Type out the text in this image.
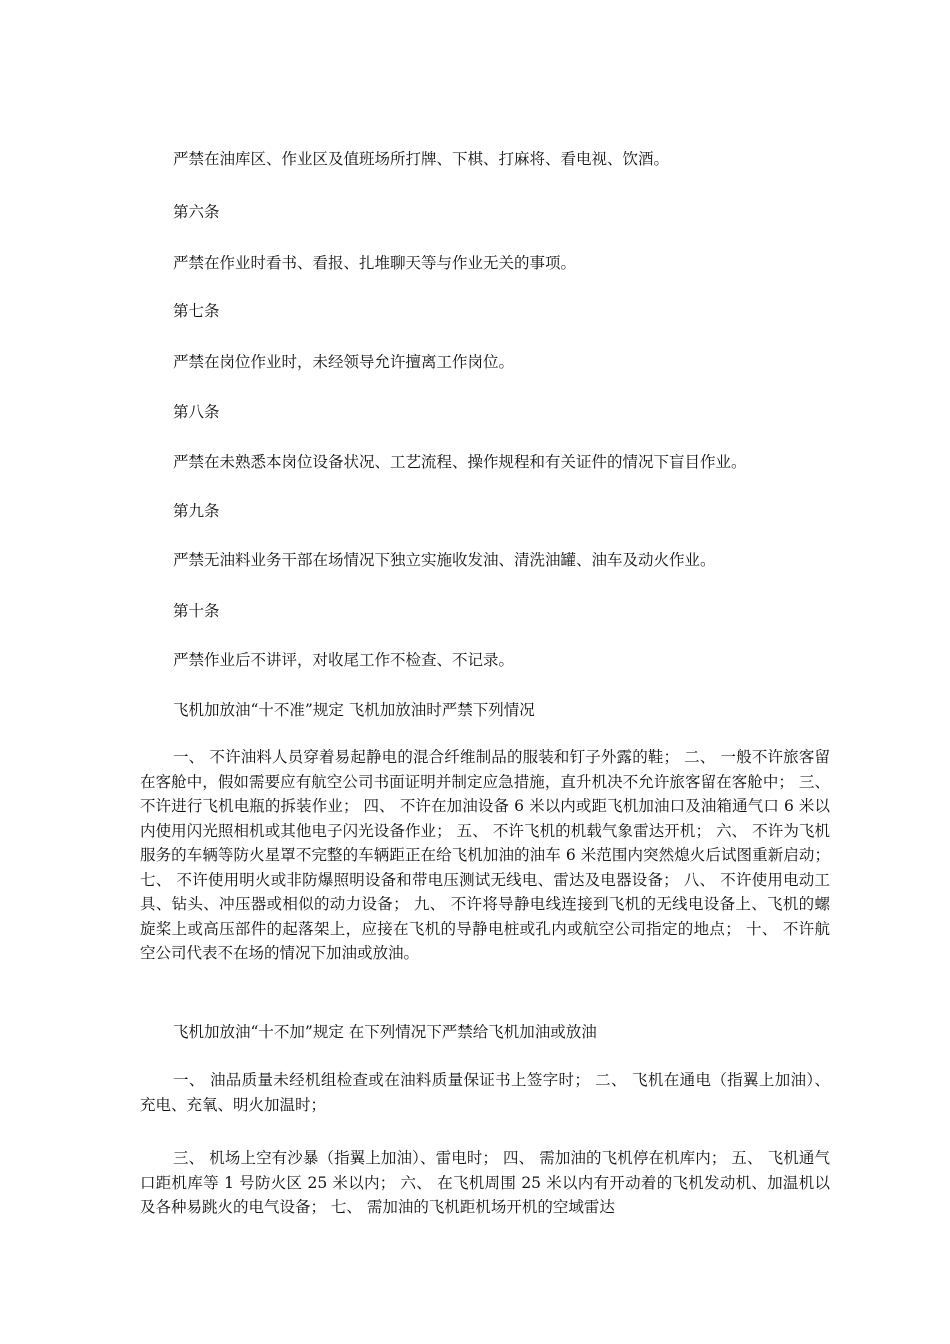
严禁在油库区、作业区及值班场所打牌、下棋、打麻将、看电视、饮酒。

第六条

严禁在作业时看书、看报、扎堆聊天等与作业无关的事项。

第七条

严禁在岗位作业时，未经领导允许擅离工作岗位。

第八条

严禁在未熟悉本岗位设备状况、工艺流程、操作规程和有关证件的情况下盲目作业。

第九条

严禁无油料业务干部在场情况下独立实施收发油、清洗油罐、油车及动火作业。

第十条

严禁作业后不讲评，对收尾工作不检查、不记录。

飞机加放油“十不准”规定 飞机加放油时严禁下列情况

一、 不许油料人员穿着易起静电的混合纤维制品的服装和钉子外露的鞋； 二、 一般不许旅客留在客舱中，假如需要应有航空公司书面证明并制定应急措施，直升机决不允许旅客留在客舱中； 三、 不许进行飞机电瓶的拆装作业； 四、 不许在加油设备 6 米以内或距飞机加油口及油箱通气口 6 米以内使用闪光照相机或其他电子闪光设备作业； 五、 不许飞机的机载气象雷达开机； 六、 不许为飞机服务的车辆等防火星罩不完整的车辆距正在给飞机加油的油车 6 米范围内突然熄火后试图重新启动； 七、 不许使用明火或非防爆照明设备和带电压测试无线电、雷达及电器设备； 八、 不许使用电动工具、钻头、冲压器或相似的动力设备； 九、 不许将导静电线连接到飞机的无线电设备上、飞机的螺旋桨上或高压部件的起落架上，应接在飞机的导静电桩或孔内或航空公司指定的地点； 十、 不许航空公司代表不在场的情况下加油或放油。

飞机加放油“十不加”规定 在下列情况下严禁给飞机加油或放油

一、 油品质量未经机组检查或在油料质量保证书上签字时； 二、 飞机在通电（指翼上加油）、充电、充氧、明火加温时；

三、 机场上空有沙暴（指翼上加油）、雷电时； 四、 需加油的飞机停在机库内； 五、 飞机通气口距机库等 1 号防火区 25 米以内； 六、 在飞机周围 25 米以内有开动着的飞机发动机、加温机以及各种易跳火的电气设备； 七、 需加油的飞机距机场开机的空域雷达
